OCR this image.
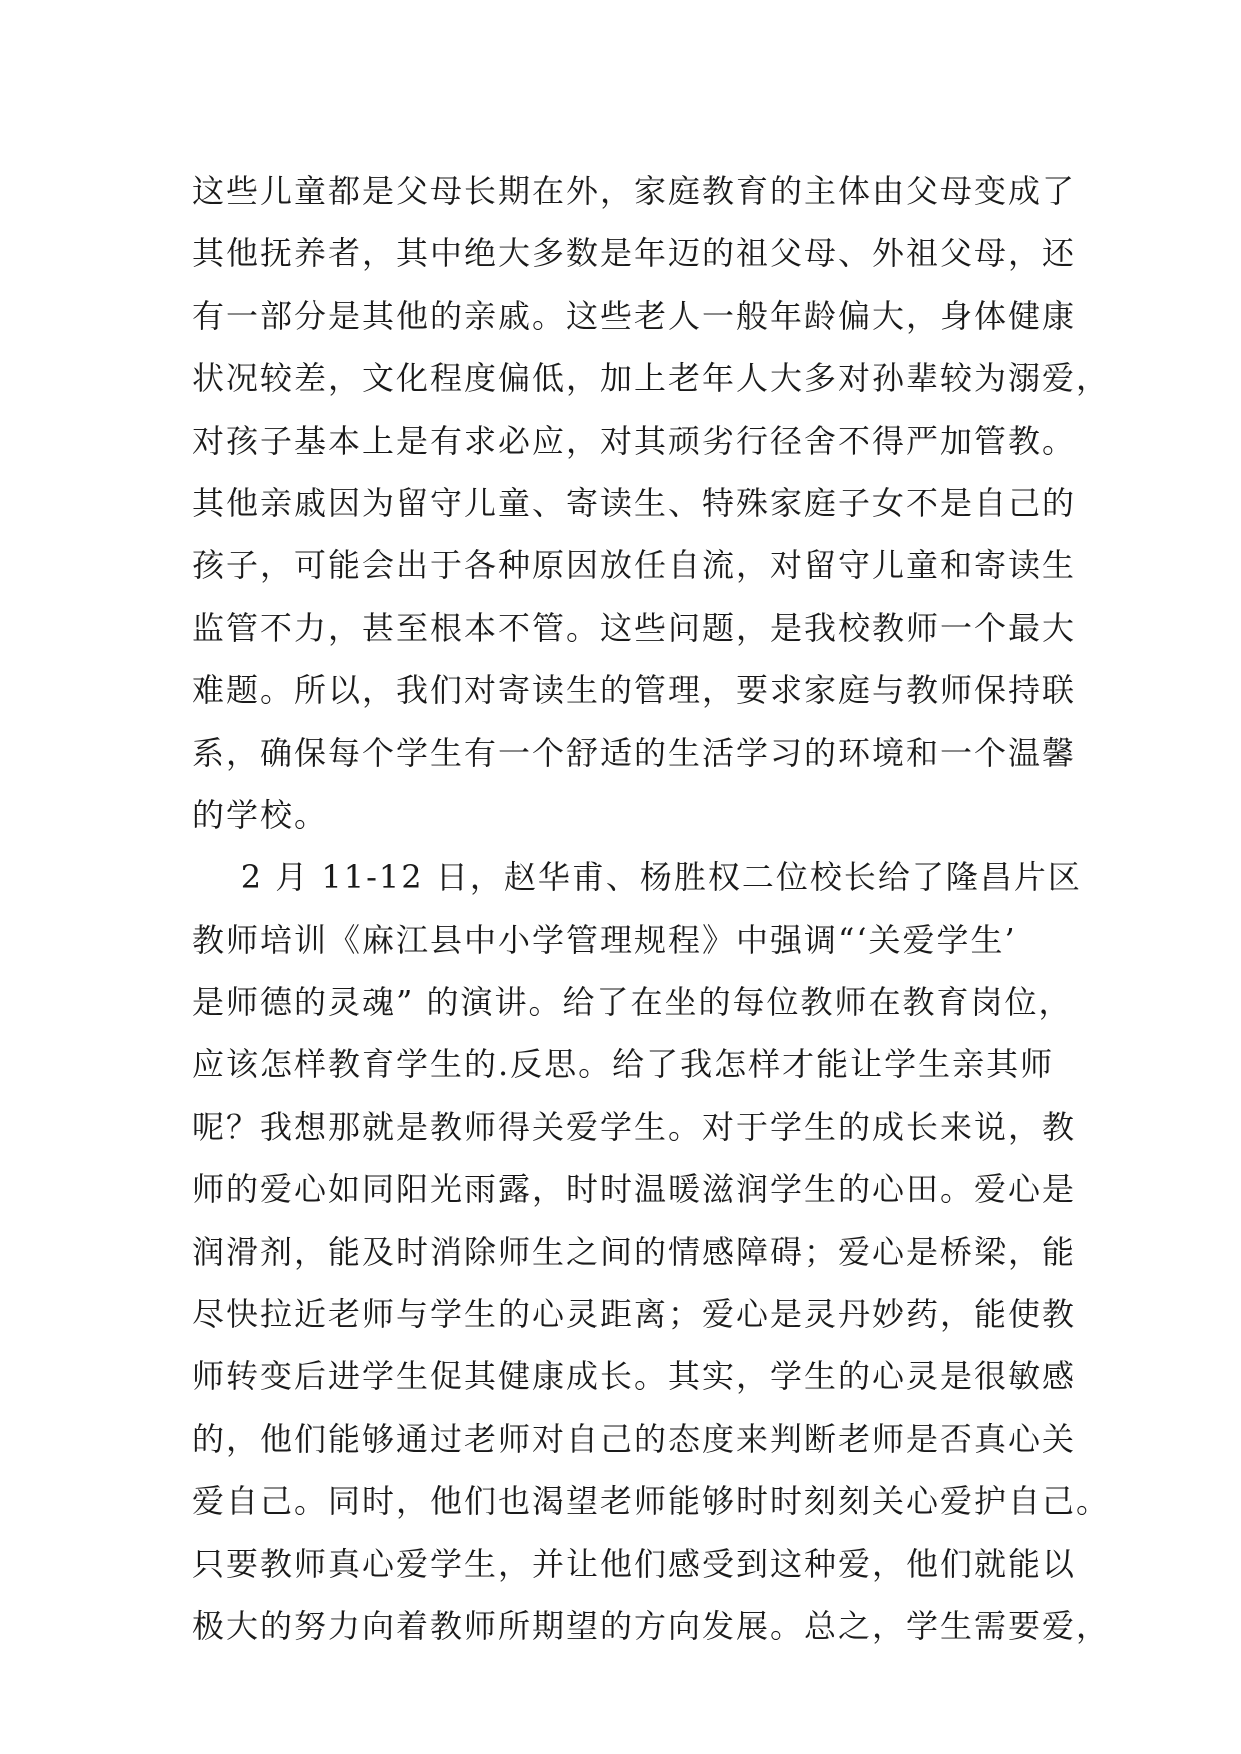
这些儿童都是父母长期在外，家庭教育的主体由父母变成了
其他抚养者，其中绝大多数是年迈的祖父母、外祖父母，还
有一部分是其他的亲戚。这些老人一般年龄偏大，身体健康
状况较差，文化程度偏低，加上老年人大多对孙辈较为溺爱，
对孩子基本上是有求必应，对其顽劣行径舍不得严加管教。
其他亲戚因为留守儿童、寄读生、特殊家庭子女不是自己的
孩子，可能会出于各种原因放任自流，对留守儿童和寄读生
监管不力，甚至根本不管。这些问题，是我校教师一个最大
难题。所以，我们对寄读生的管理，要求家庭与教师保持联
系，确保每个学生有一个舒适的生活学习的环境和一个温馨
的学校。
2 月 11-12 日，赵华甫、杨胜权二位校长给了隆昌片区
教师培训《麻江县中小学管理规程》中强调“‘关爱学生’
是师德的灵魂” 的演讲。给了在坐的每位教师在教育岗位，
应该怎样教育学生的.反思。给了我怎样才能让学生亲其师
呢？我想那就是教师得关爱学生。对于学生的成长来说，教
师的爱心如同阳光雨露，时时温暖滋润学生的心田。爱心是
润滑剂，能及时消除师生之间的情感障碍；爱心是桥梁，能
尽快拉近老师与学生的心灵距离；爱心是灵丹妙药，能使教
师转变后进学生促其健康成长。其实，学生的心灵是很敏感
的，他们能够通过老师对自己的态度来判断老师是否真心关
爱自己。同时，他们也渴望老师能够时时刻刻关心爱护自己。
只要教师真心爱学生，并让他们感受到这种爱，他们就能以
极大的努力向着教师所期望的方向发展。总之，学生需要爱，
